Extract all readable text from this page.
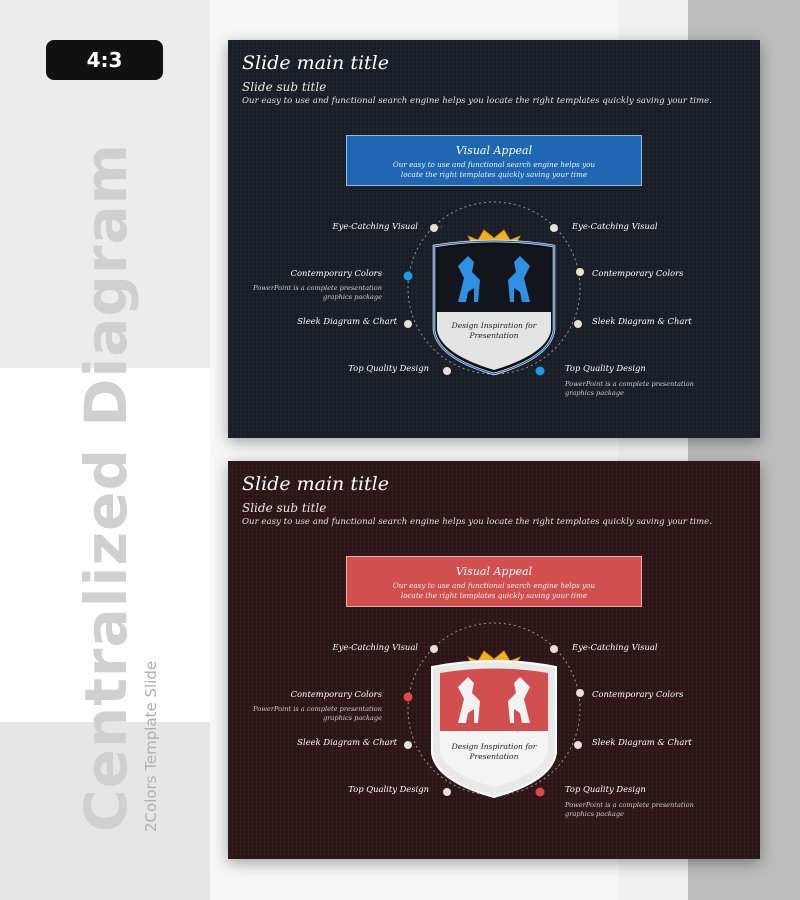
4:3
Centralized Diagram 2Colors Template Slide
Slide main title
Slide sub title
Our easy to use and functional search engine helps you locate the right templates quickly saving your time.
Visual Appeal
Our easy to use and functional search engine helps you
locate the right templates quickly saving your time
Eye-Catching Visual	Eye-Catching Visual
Contemporary Colors
PowerPoint is a complete presentation
graphics package
Contemporary Colors
Sleek Diagram & Chart	Sleek Diagram & Chart
Top Quality Design	Top Quality Design
PowerPoint is a complete presentation
graphics package
Design Inspiration for
Presentation
Slide main title
Slide sub title
Our easy to use and functional search engine helps you locate the right templates quickly saving your time.
Visual Appeal
Our easy to use and functional search engine helps you
locate the right templates quickly saving your time
Eye-Catching Visual	Eye-Catching Visual
Contemporary Colors
PowerPoint is a complete presentation
graphics package
Contemporary Colors
Sleek Diagram & Chart	Sleek Diagram & Chart
Top Quality Design	Top Quality Design
PowerPoint is a complete presentation
graphics package
Design Inspiration for
Presentation
